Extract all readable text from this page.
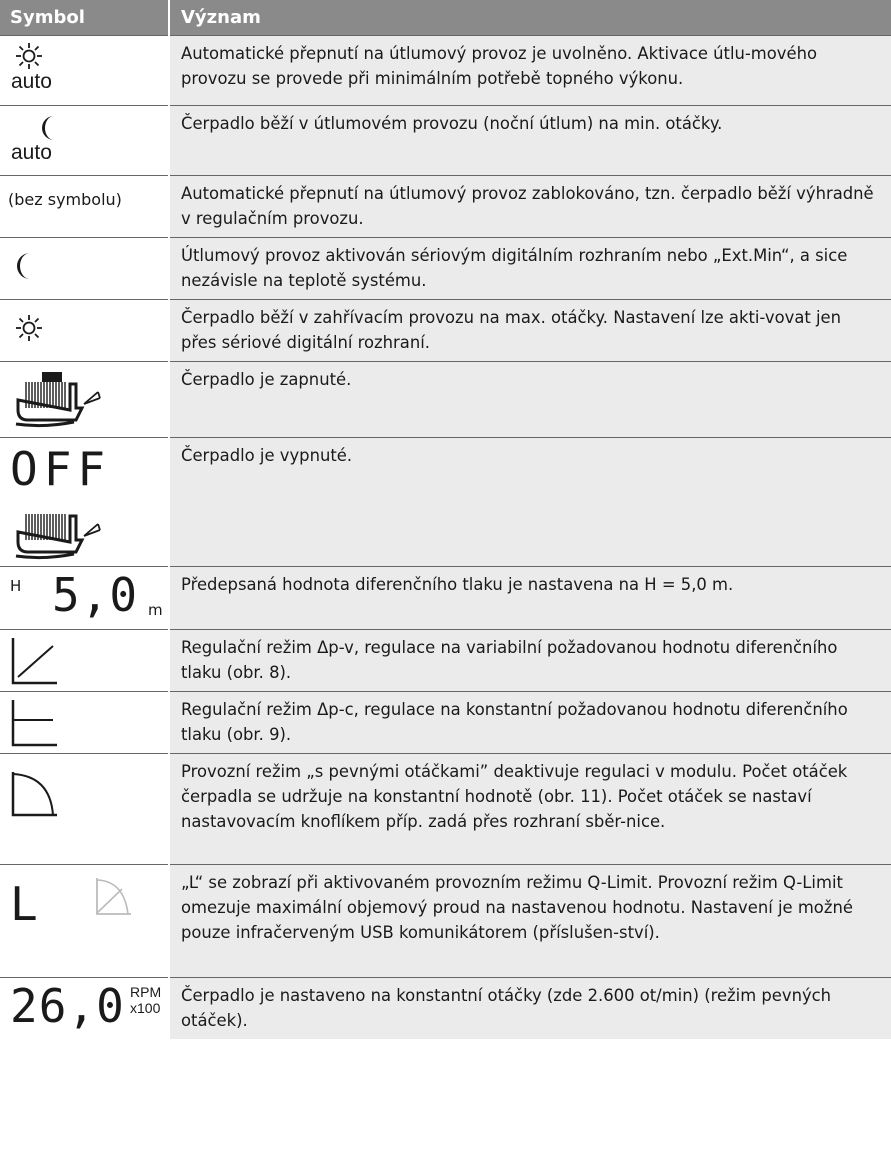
Symbol	Význam

auto	Automatické přepnutí na útlumový provoz je uvolněno. Aktivace útlu-mového provozu se provede při minimálním potřebě topného výkonu.

auto	Čerpadlo běží v útlumovém provozu (noční útlum) na min. otáčky.

(bez symbolu)	Automatické přepnutí na útlumový provoz zablokováno, tzn. čerpadlo běží výhradně v regulačním provozu.

	Útlumový provoz aktivován sériovým digitálním rozhraním nebo „Ext.Min“, a sice nezávisle na teplotě systému.

	Čerpadlo běží v zahřívacím provozu na max. otáčky. Nastavení lze akti-vovat jen přes sériové digitální rozhraní.

	Čerpadlo je zapnuté.

OFF	Čerpadlo je vypnuté.

H 5,0 m	Předepsaná hodnota diferenčního tlaku je nastavena na H = 5,0 m.

	Regulační režim Δp-v, regulace na variabilní požadovanou hodnotu diferenčního tlaku (obr. 8).

	Regulační režim Δp-c, regulace na konstantní požadovanou hodnotu diferenčního tlaku (obr. 9).

	Provozní režim „s pevnými otáčkami” deaktivuje regulaci v modulu. Počet otáček čerpadla se udržuje na konstantní hodnotě (obr. 11). Počet otáček se nastaví nastavovacím knoflíkem příp. zadá přes rozhraní sběr-nice.

L	„L“ se zobrazí při aktivovaném provozním režimu Q-Limit. Provozní režim Q-Limit omezuje maximální objemový proud na nastavenou hodnotu. Nastavení je možné pouze infračerveným USB komunikátorem (příslušen-ství).

26,0 RPM
x100	Čerpadlo je nastaveno na konstantní otáčky (zde 2.600 ot/min) (režim pevných otáček).
